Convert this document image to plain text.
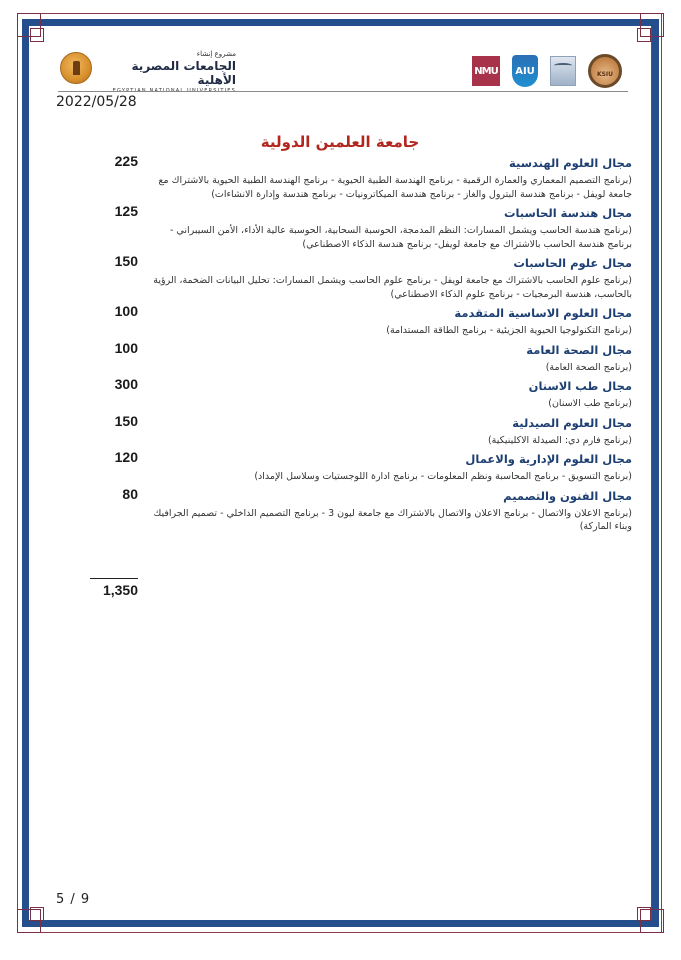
مشروع إنشاء
الجامعات المصرية الأهلية
EGYPTIAN NATIONAL UNIVERSITIES
NMU	AIU	KSIU
2022/05/28
جامعة العلمين الدولية
مجال العلوم الهندسية
225
(برنامج التصميم المعماري والعمارة الرقمية - برنامج الهندسة الطبية الحيوية - برنامج الهندسة الطبية الحيوية بالاشتراك مع جامعة لويفل - برنامج هندسة البترول والغاز - برنامج هندسة الميكاترونيات - برنامج هندسة وإدارة الانشاءات)
مجال هندسة الحاسبات
125
(برنامج هندسة الحاسب ويشمل المسارات: النظم المدمجة، الحوسبة السحابية، الحوسبة عالية الأداء، الأمن السيبراني - برنامج هندسة الحاسب بالاشتراك مع جامعة لويفل- برنامج هندسة الذكاء الاصطناعي)
مجال علوم الحاسبات
150
(برنامج علوم الحاسب بالاشتراك مع جامعة لويفل - برنامج علوم الحاسب ويشمل المسارات: تحليل البيانات الضخمة، الرؤية بالحاسب، هندسة البرمجيات - برنامج علوم الذكاء الاصطناعي)
مجال العلوم الاساسية المتقدمة
100
(برنامج التكنولوجيا الحيوية الجزيئية - برنامج الطاقة المستدامة)
مجال الصحة العامة
100
(برنامج الصحة العامة)
مجال طب الاسنان
300
(برنامج طب الاسنان)
مجال العلوم الصيدلية
150
(برنامج فارم دي: الصيدلة الاكلينيكية)
مجال العلوم الإدارية والاعمال
120
(برنامج التسويق - برنامج المحاسبة ونظم المعلومات - برنامج ادارة اللوجستيات وسلاسل الإمداد)
مجال الفنون والتصميم
80
(برنامج الاعلان والاتصال - برنامج الاعلان والاتصال بالاشتراك مع جامعة ليون 3 - برنامج التصميم الداخلي - تصميم الجرافيك وبناء الماركة)
1,350
5 / 9
